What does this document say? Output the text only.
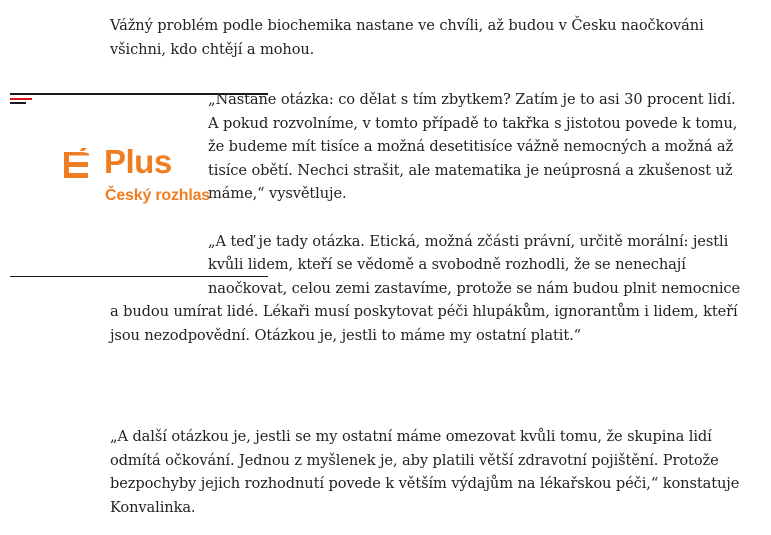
Vážný problém podle biochemika nastane ve chvíli, až budou v Česku naočkováni všichni, kdo chtějí a mohou.

Plus
Český rozhlas

„Nastane otázka: co dělat s tím zbytkem? Zatím je to asi 30 procent lidí. A pokud rozvolníme, v tomto případě to takřka s jistotou povede k tomu, že budeme mít tisíce a možná desetitisíce vážně nemocných a možná až tisíce obětí. Nechci strašit, ale matematika je neúprosná a zkušenost už máme,“ vysvětluje.

„A teď je tady otázka. Etická, možná zčásti právní, určitě morální: jestli kvůli lidem, kteří se vědomě a svobodně rozhodli, že se nenechají naočkovat, celou zemi zastavíme, protože se nám budou plnit nemocnice a budou umírat lidé. Lékaři musí poskytovat péči hlupákům, ignorantům i lidem, kteří jsou nezodpovědní. Otázkou je, jestli to máme my ostatní platit.“

„A další otázkou je, jestli se my ostatní máme omezovat kvůli tomu, že skupina lidí odmítá očkování. Jednou z myšlenek je, aby platili větší zdravotní pojištění. Protože bezpochyby jejich rozhodnutí povede k větším výdajům na lékařskou péči,“ konstatuje Konvalinka.
